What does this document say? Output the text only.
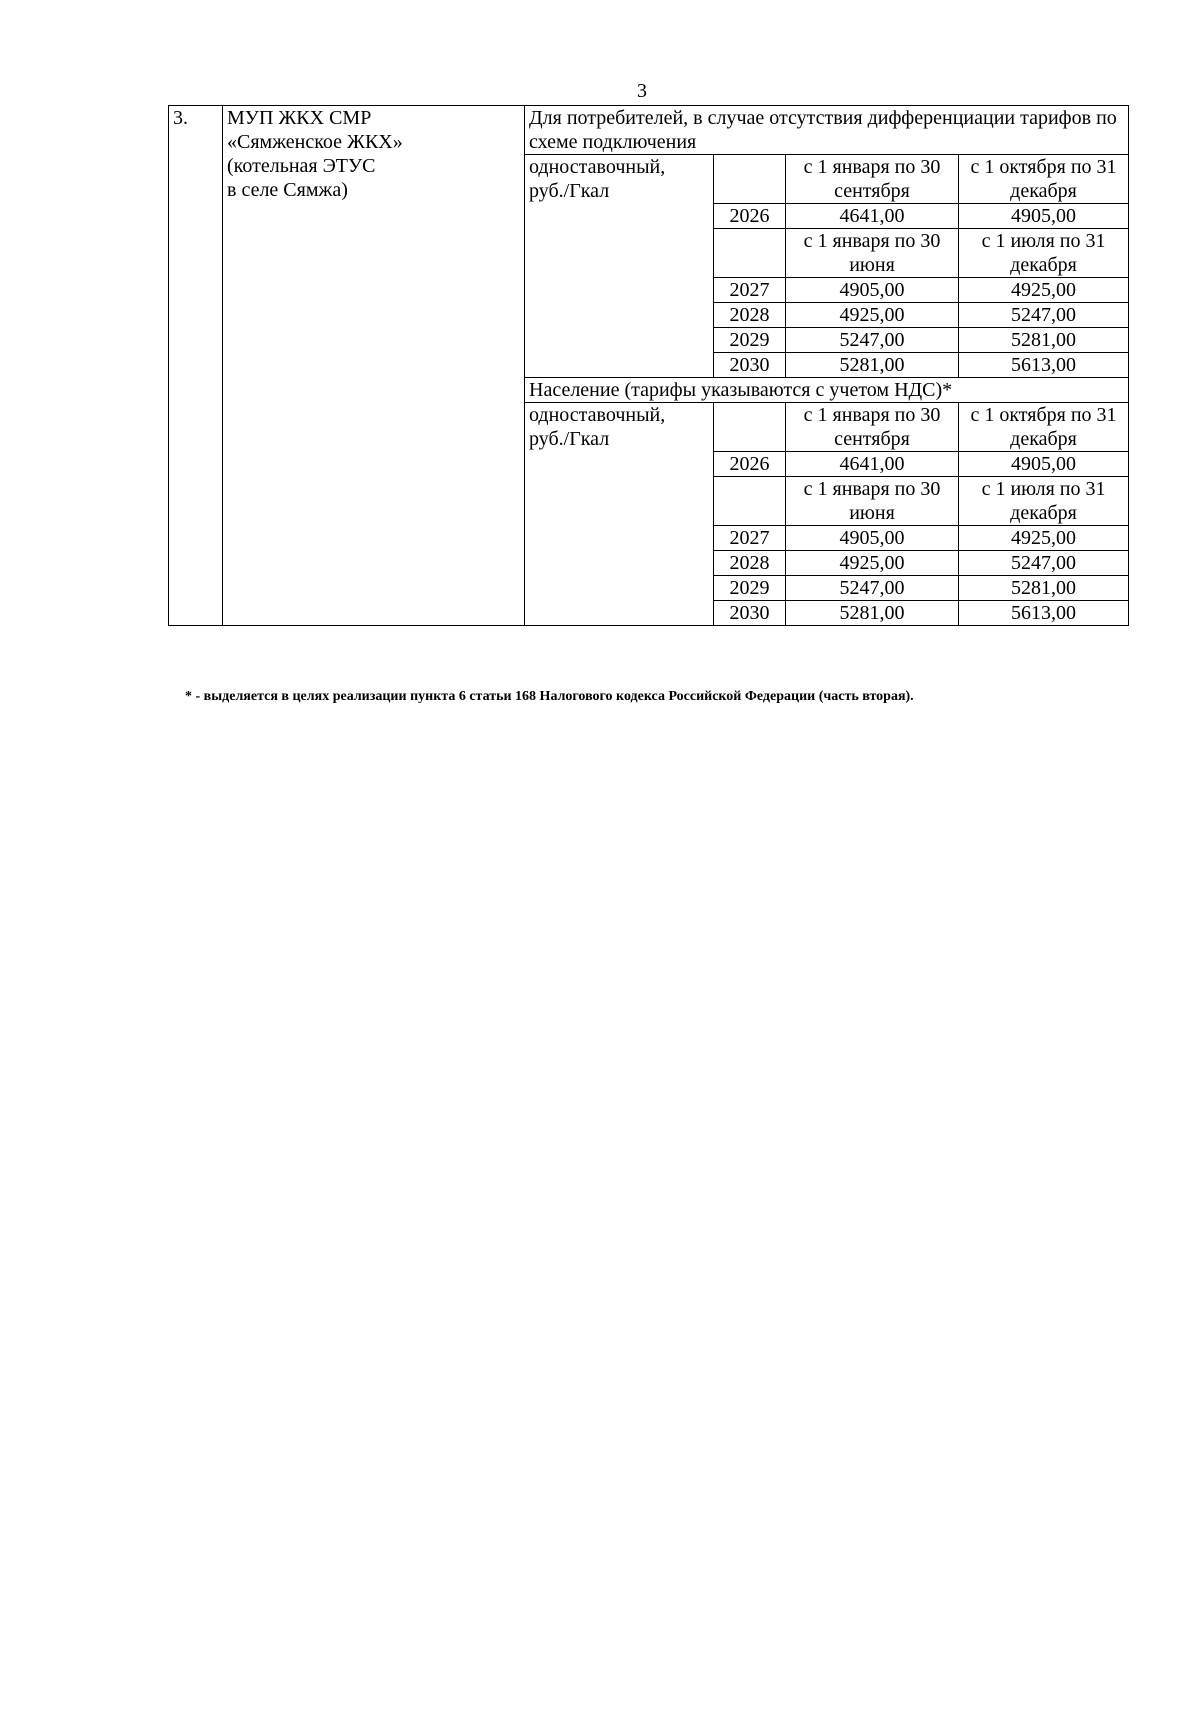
3
3.	МУП ЖКХ СМР
«Сямженское ЖКХ»
(котельная ЭТУС
в селе Сямжа)	Для потребителей, в случае отсутствия дифференциации тарифов по схеме подключения			
		одноставочный, руб./Гкал		с 1 января по 30 сентября	с 1 октября по 31 декабря
			2026	4641,00	4905,00
				с 1 января по 30 июня	с 1 июля по 31 декабря
			2027	4905,00	4925,00
			2028	4925,00	5247,00
			2029	5247,00	5281,00
			2030	5281,00	5613,00
		Население (тарифы указываются с учетом НДС)*			
		одноставочный, руб./Гкал		с 1 января по 30 сентября	с 1 октября по 31 декабря
			2026	4641,00	4905,00
				с 1 января по 30 июня	с 1 июля по 31 декабря
			2027	4905,00	4925,00
			2028	4925,00	5247,00
			2029	5247,00	5281,00
			2030	5281,00	5613,00
* - выделяется в целях реализации пункта 6 статьи 168 Налогового кодекса Российской Федерации (часть вторая).
